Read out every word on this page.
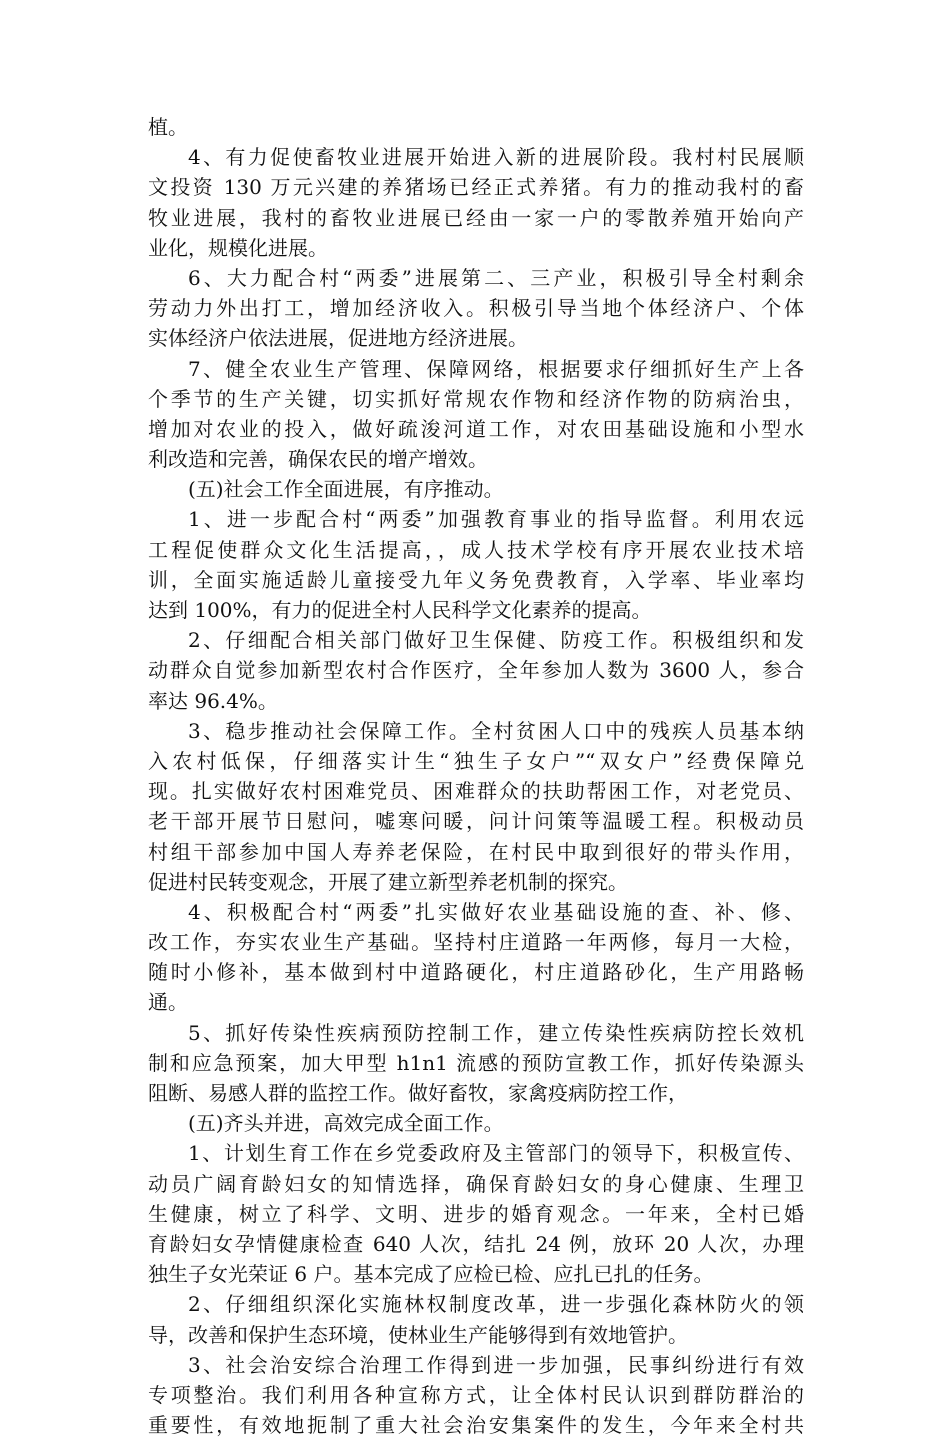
植。
4、有力促使畜牧业进展开始进入新的进展阶段。我村村民展顺
文投资 130 万元兴建的养猪场已经正式养猪。有力的推动我村的畜
牧业进展，我村的畜牧业进展已经由一家一户的零散养殖开始向产
业化，规模化进展。
6、大力配合村“两委”进展第二、三产业，积极引导全村剩余
劳动力外出打工，增加经济收入。积极引导当地个体经济户、个体
实体经济户依法进展，促进地方经济进展。
7、健全农业生产管理、保障网络，根据要求仔细抓好生产上各
个季节的生产关键，切实抓好常规农作物和经济作物的防病治虫，
增加对农业的投入，做好疏浚河道工作，对农田基础设施和小型水
利改造和完善，确保农民的增产增效。
(五)社会工作全面进展，有序推动。
1、进一步配合村“两委”加强教育事业的指导监督。利用农远
工程促使群众文化生活提高，，成人技术学校有序开展农业技术培
训，全面实施适龄儿童接受九年义务免费教育，入学率、毕业率均
达到 100%，有力的促进全村人民科学文化素养的提高。
2、仔细配合相关部门做好卫生保健、防疫工作。积极组织和发
动群众自觉参加新型农村合作医疗，全年参加人数为 3600 人，参合
率达 96.4%。
3、稳步推动社会保障工作。全村贫困人口中的残疾人员基本纳
入农村低保，仔细落实计生“独生子女户”“双女户”经费保障兑
现。扎实做好农村困难党员、困难群众的扶助帮困工作，对老党员、
老干部开展节日慰问，嘘寒问暖，问计问策等温暖工程。积极动员
村组干部参加中国人寿养老保险，在村民中取到很好的带头作用，
促进村民转变观念，开展了建立新型养老机制的探究。
4、积极配合村“两委”扎实做好农业基础设施的查、补、修、
改工作，夯实农业生产基础。坚持村庄道路一年两修，每月一大检，
随时小修补，基本做到村中道路硬化，村庄道路砂化，生产用路畅
通。
5、抓好传染性疾病预防控制工作，建立传染性疾病防控长效机
制和应急预案，加大甲型 h1n1 流感的预防宣教工作，抓好传染源头
阻断、易感人群的监控工作。做好畜牧，家禽疫病防控工作，
(五)齐头并进，高效完成全面工作。
1、计划生育工作在乡党委政府及主管部门的领导下，积极宣传、
动员广阔育龄妇女的知情选择，确保育龄妇女的身心健康、生理卫
生健康，树立了科学、文明、进步的婚育观念。一年来，全村已婚
育龄妇女孕情健康检查 640 人次，结扎 24 例，放环 20 人次，办理
独生子女光荣证 6 户。基本完成了应检已检、应扎已扎的任务。
2、仔细组织深化实施林权制度改革，进一步强化森林防火的领
导，改善和保护生态环境，使林业生产能够得到有效地管护。
3、社会治安综合治理工作得到进一步加强，民事纠纷进行有效
专项整治。我们利用各种宣称方式，让全体村民认识到群防群治的
重要性，有效地扼制了重大社会治安集案件的发生，今年来全村共
